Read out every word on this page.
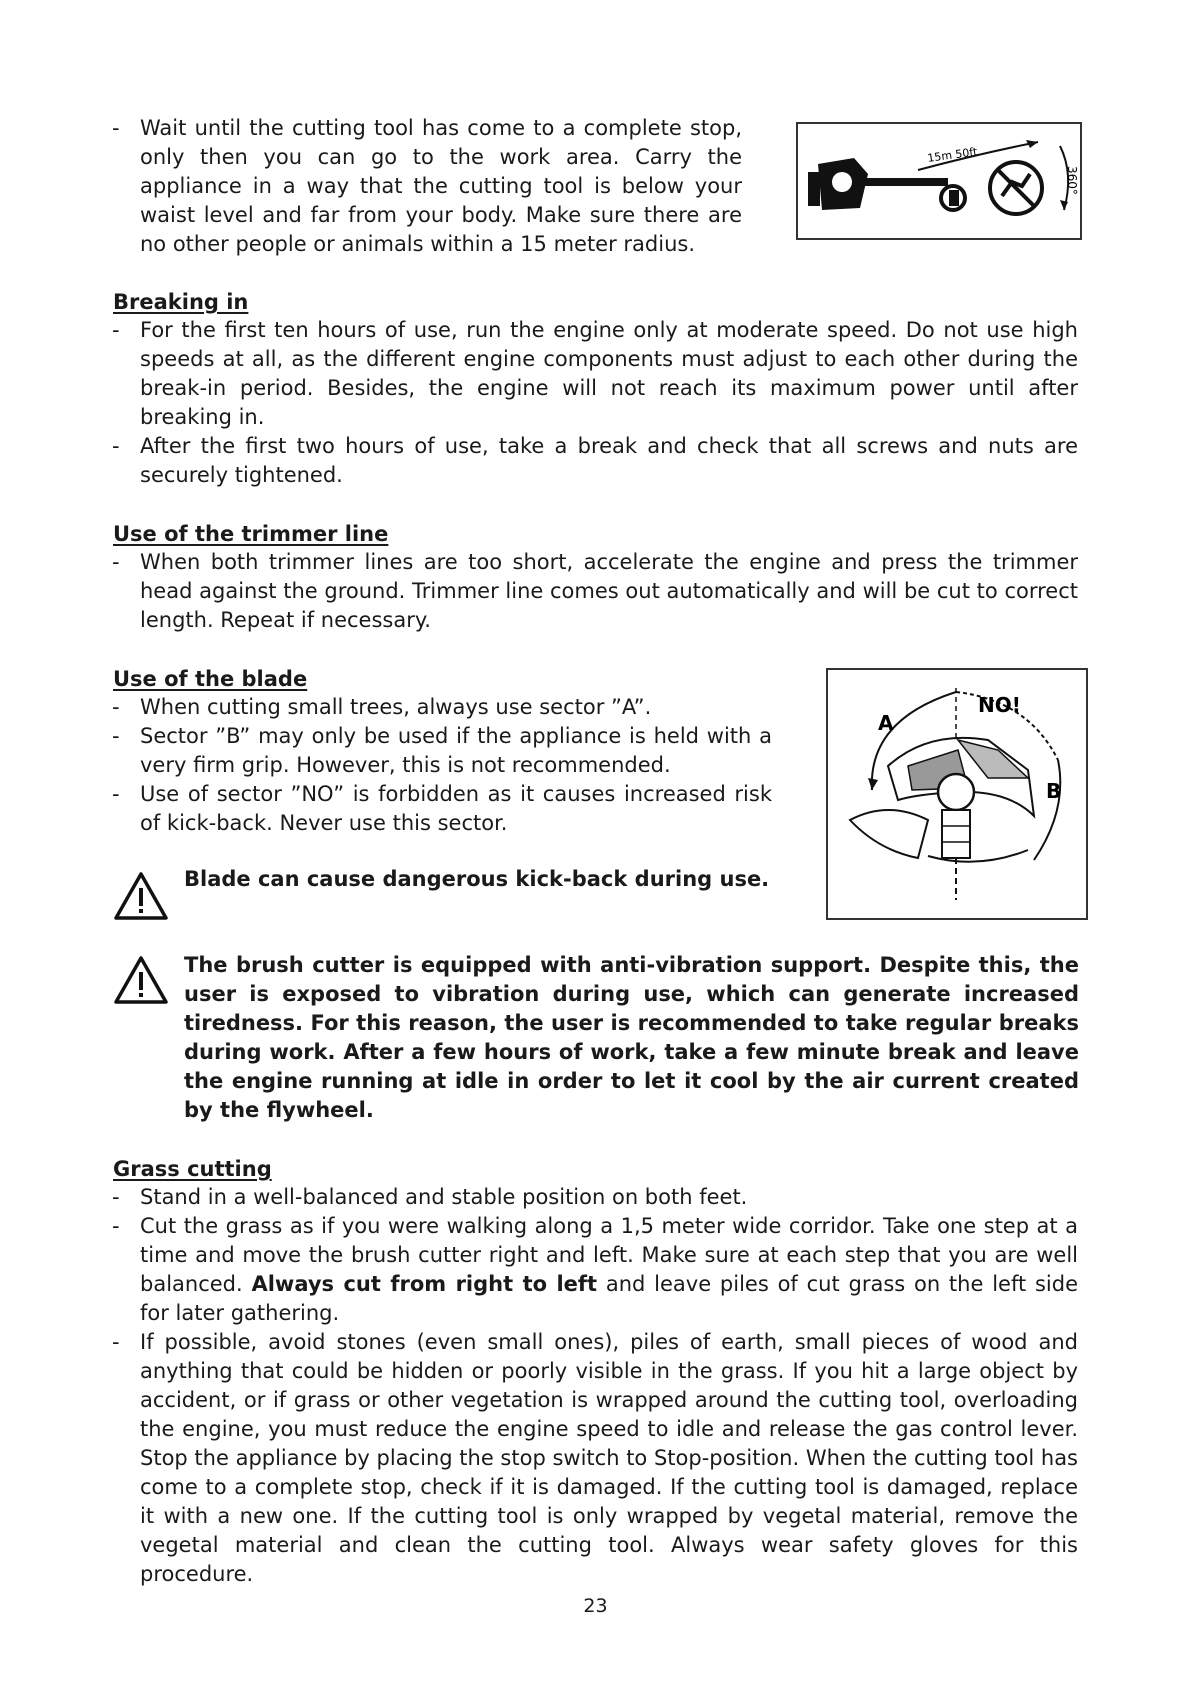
- Wait until the cutting tool has come to a complete stop, only then you can go to the work area. Carry the appliance in a way that the cutting tool is below your waist level and far from your body. Make sure there are no other people or animals within a 15 meter radius.
15m 50ft
360°
Breaking in
- For the first ten hours of use, run the engine only at moderate speed. Do not use high speeds at all, as the different engine components must adjust to each other during the break-in period. Besides, the engine will not reach its maximum power until after breaking in.
- After the first two hours of use, take a break and check that all screws and nuts are securely tightened.
Use of the trimmer line
- When both trimmer lines are too short, accelerate the engine and press the trimmer head against the ground. Trimmer line comes out automatically and will be cut to correct length. Repeat if necessary.
Use of the blade
- When cutting small trees, always use sector ”A”.
- Sector ”B” may only be used if the appliance is held with a very firm grip. However, this is not recommended.
- Use of sector ”NO” is forbidden as it causes increased risk of kick-back. Never use this sector.
Blade can cause dangerous kick-back during use.
A
B
NO!
The brush cutter is equipped with anti-vibration support. Despite this, the user is exposed to vibration during use, which can generate increased tiredness. For this reason, the user is recommended to take regular breaks during work. After a few hours of work, take a few minute break and leave the engine running at idle in order to let it cool by the air current created by the flywheel.
Grass cutting
- Stand in a well-balanced and stable position on both feet.
- Cut the grass as if you were walking along a 1,5 meter wide corridor. Take one step at a time and move the brush cutter right and left. Make sure at each step that you are well balanced. Always cut from right to left and leave piles of cut grass on the left side for later gathering.
- If possible, avoid stones (even small ones), piles of earth, small pieces of wood and anything that could be hidden or poorly visible in the grass. If you hit a large object by accident, or if grass or other vegetation is wrapped around the cutting tool, overloading the engine, you must reduce the engine speed to idle and release the gas control lever. Stop the appliance by placing the stop switch to Stop-position. When the cutting tool has come to a complete stop, check if it is damaged. If the cutting tool is damaged, replace it with a new one. If the cutting tool is only wrapped by vegetal material, remove the vegetal material and clean the cutting tool. Always wear safety gloves for this procedure.
23
